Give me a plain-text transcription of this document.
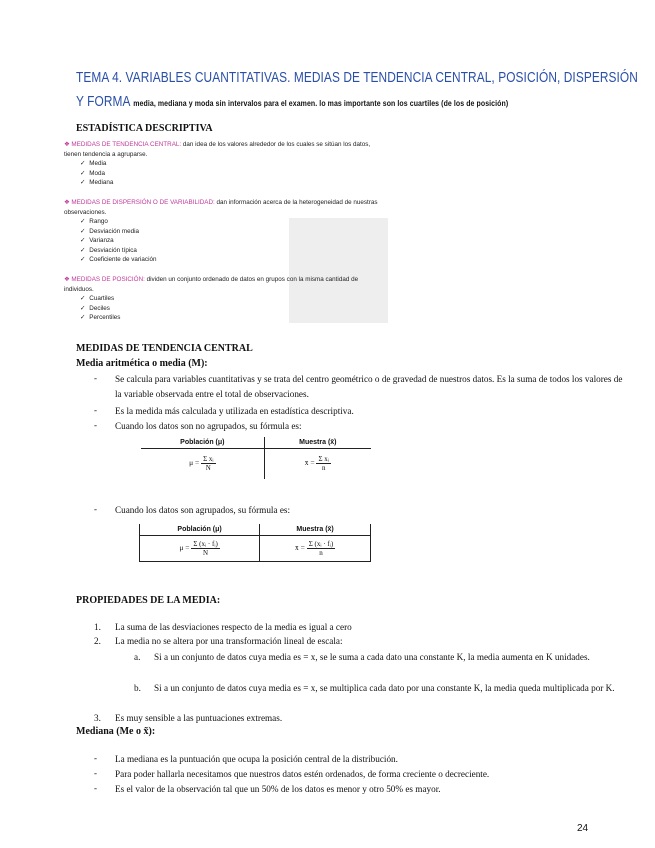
TEMA 4. VARIABLES CUANTITATIVAS. MEDIAS DE TENDENCIA CENTRAL, POSICIÓN, DISPERSIÓN Y FORMA media, mediana y moda sin intervalos para el examen. lo mas importante son los cuartiles (de los de posición)
ESTADÍSTICA DESCRIPTIVA
❖ MEDIDAS DE TENDENCIA CENTRAL: dan idea de los valores alrededor de los cuales se sitúan los datos, tienen tendencia a agruparse.
✓ Media
✓ Moda
✓ Mediana
❖ MEDIDAS DE DISPERSIÓN O DE VARIABILIDAD: dan información acerca de la heterogeneidad de nuestras observaciones.
✓ Rango
✓ Desviación media
✓ Varianza
✓ Desviación típica
✓ Coeficiente de variación
❖ MEDIDAS DE POSICIÓN: dividen un conjunto ordenado de datos en grupos con la misma cantidad de individuos.
✓ Cuartiles
✓ Deciles
✓ Percentiles
MEDIDAS DE TENDENCIA CENTRAL
Media aritmética o media (M):
- Se calcula para variables cuantitativas y se trata del centro geométrico o de gravedad de nuestros datos. Es la suma de todos los valores de la variable observada entre el total de observaciones.
- Es la medida más calculada y utilizada en estadística descriptiva.
- Cuando los datos son no agrupados, su fórmula es:
Población (μ)	Muestra (x̄)
$\mu = \frac{\text{Σ xᵢ}}{N}$	x̄ = $\frac{\text{Σ xᵢ}}{n}$
- Cuando los datos son agrupados, su fórmula es:
Población (μ)	Muestra (x̄)
$\mu = \frac{\text{Σ (xᵢ · fᵢ)}}{N}$	x̄ = $\frac{\text{Σ (xᵢ · fᵢ)}}{n}$
PROPIEDADES DE LA MEDIA:
1. La suma de las desviaciones respecto de la media es igual a cero
2. La media no se altera por una transformación lineal de escala:
a. Si a un conjunto de datos cuya media es = x, se le suma a cada dato una constante K, la media aumenta en K unidades.
b. Si a un conjunto de datos cuya media es = x, se multiplica cada dato por una constante K, la media queda multiplicada por K.
3. Es muy sensible a las puntuaciones extremas.
Mediana (Me o x̃):
- La mediana es la puntuación que ocupa la posición central de la distribución.
- Para poder hallarla necesitamos que nuestros datos estén ordenados, de forma creciente o decreciente.
- Es el valor de la observación tal que un 50% de los datos es menor y otro 50% es mayor.
24
